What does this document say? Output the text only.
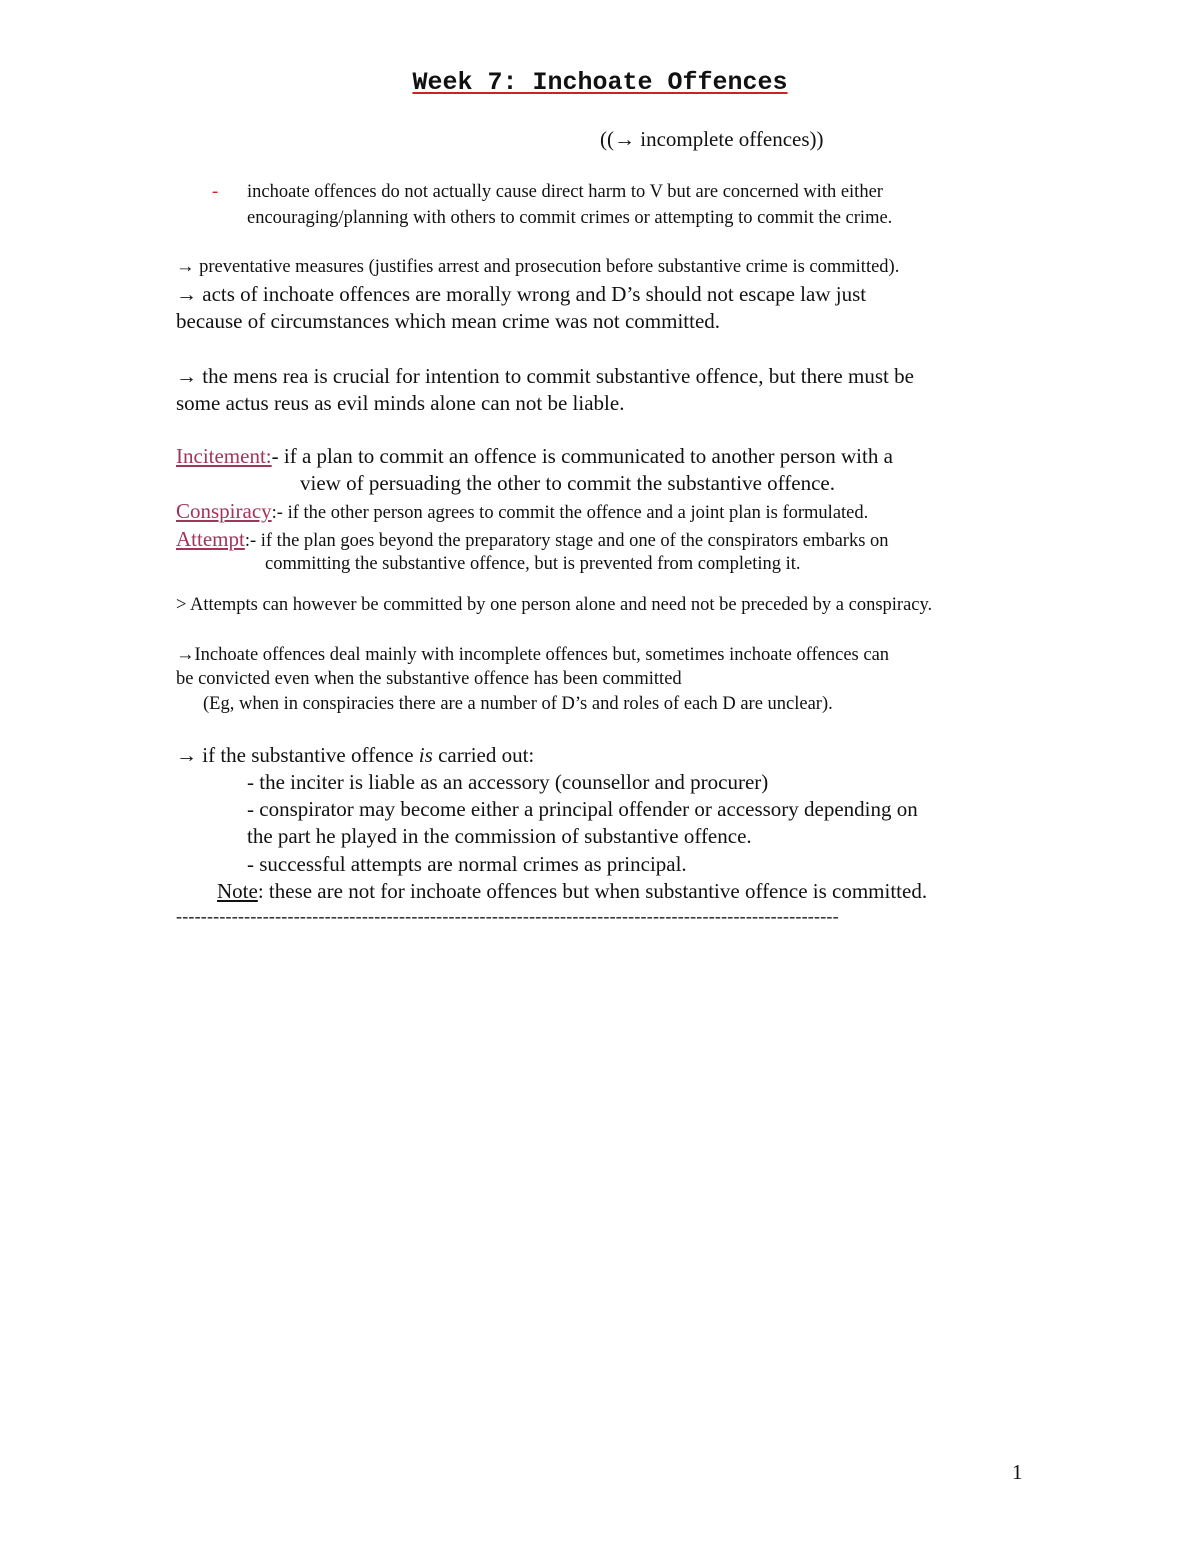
Week 7: Inchoate Offences
((→ incomplete offences))
- inchoate offences do not actually cause direct harm to V but are concerned with either
encouraging/planning with others to commit crimes or attempting to commit the crime.
→ preventative measures (justifies arrest and prosecution before substantive crime is committed).
→ acts of inchoate offences are morally wrong and D’s should not escape law just
because of circumstances which mean crime was not committed.
→ the mens rea is crucial for intention to commit substantive offence, but there must be
some actus reus as evil minds alone can not be liable.
Incitement:- if a plan to commit an offence is communicated to another person with a
view of persuading the other to commit the substantive offence.
Conspiracy:- if the other person agrees to commit the offence and a joint plan is formulated.
Attempt:- if the plan goes beyond the preparatory stage and one of the conspirators embarks on
committing the substantive offence, but is prevented from completing it.
> Attempts can however be committed by one person alone and need not be preceded by a conspiracy.
→Inchoate offences deal mainly with incomplete offences but, sometimes inchoate offences can
be convicted even when the substantive offence has been committed
(Eg, when in conspiracies there are a number of D’s and roles of each D are unclear).
→ if the substantive offence is carried out:
- the inciter is liable as an accessory (counsellor and procurer)
- conspirator may become either a principal offender or accessory depending on
the part he played in the commission of substantive offence.
- successful attempts are normal crimes as principal.
Note: these are not for inchoate offences but when substantive offence is committed.
-----------------------------------------------------------------------------------------------------------
1
